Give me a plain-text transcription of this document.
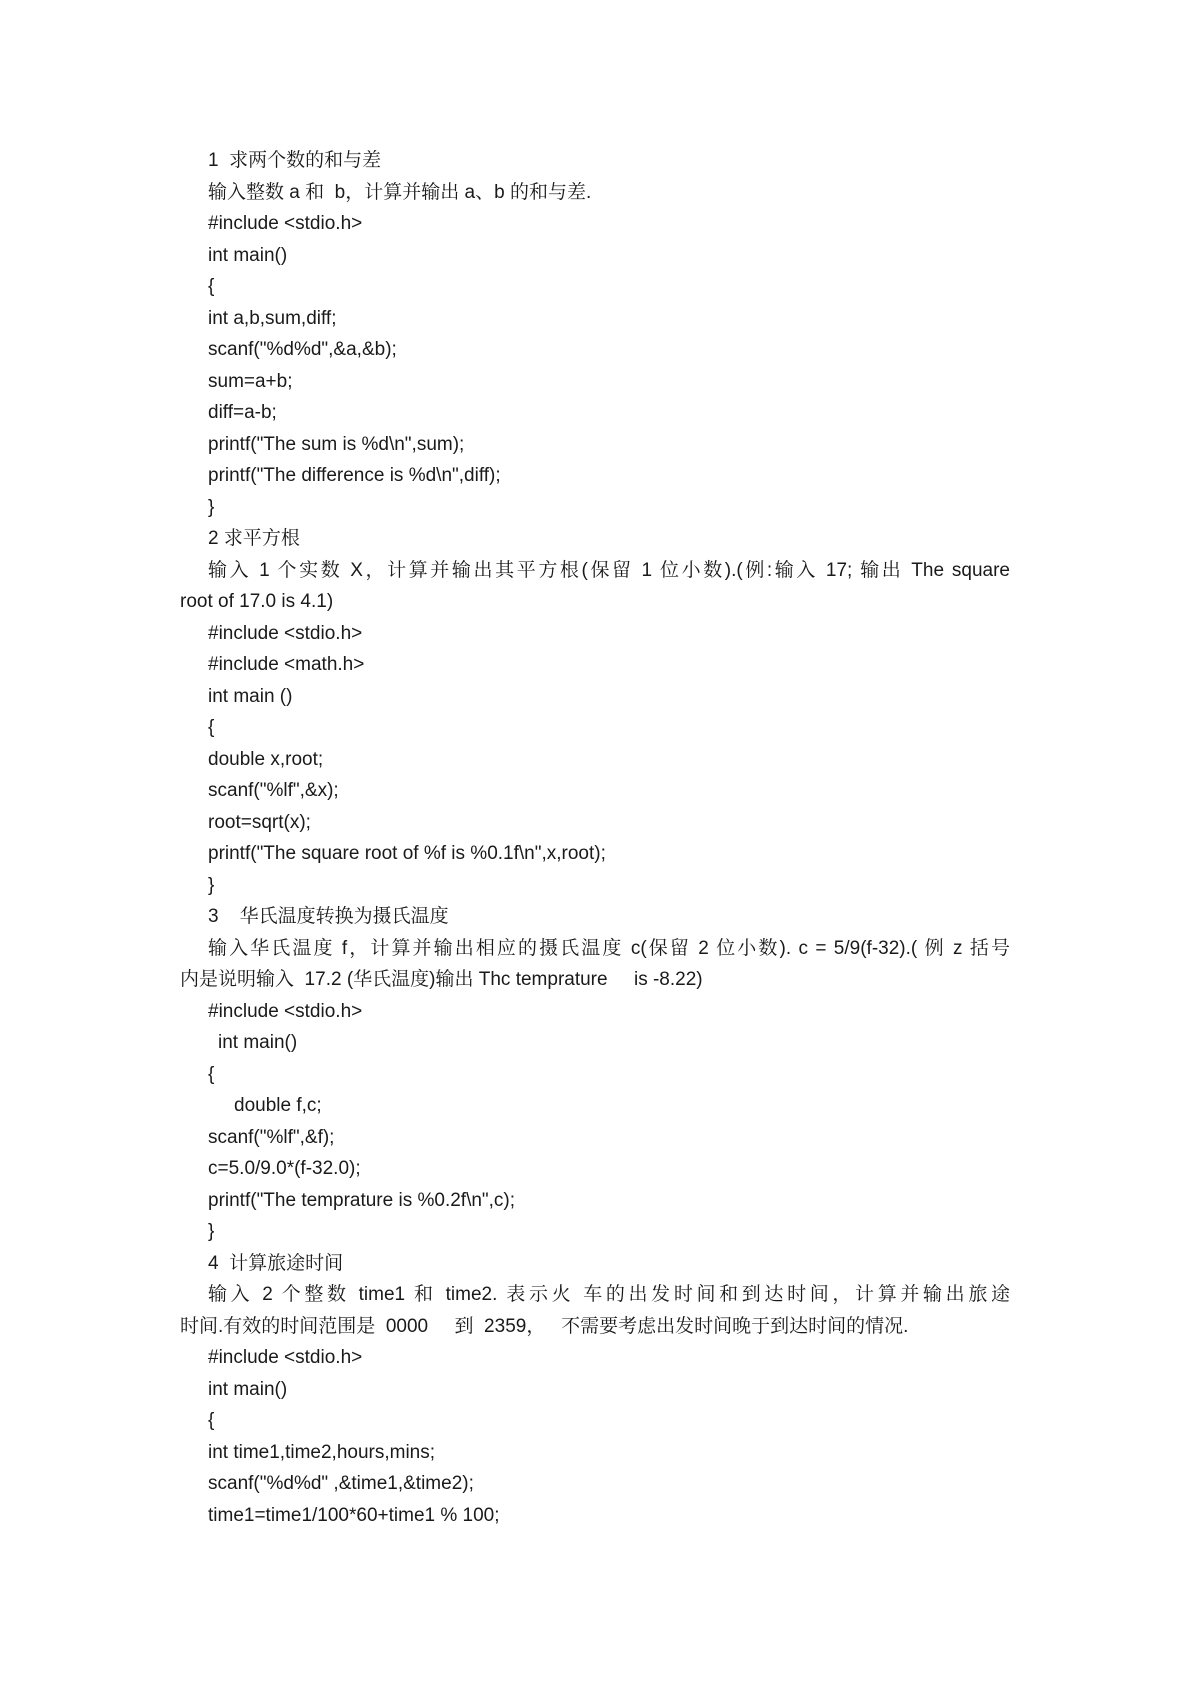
1  求两个数的和与差
输入整数 a 和  b，计算并输出 a、b 的和与差.
#include <stdio.h>
int main()
{
int a,b,sum,diff;
scanf("%d%d",&a,&b);
sum=a+b;
diff=a-b;
printf("The sum is %d\n",sum);
printf("The difference is %d\n",diff);
}
2 求平方根
输入 1 个实数 X，计算并输出其平方根(保留 1 位小数).(例:输入 17; 输出 The square
root of 17.0 is 4.1)
#include <stdio.h>
#include <math.h>
int main ()
{
double x,root;
scanf("%lf",&x);
root=sqrt(x);
printf("The square root of %f is %0.1f\n",x,root);
}
3    华氏温度转换为摄氏温度
输入华氏温度 f，计算并输出相应的摄氏温度 c(保留 2 位小数). c = 5/9(f-32).( 例 z 括号
内是说明输入  17.2 (华氏温度)输出 Thc temprature     is -8.22)
#include <stdio.h>
int main()
{
double f,c;
scanf("%lf",&f);
c=5.0/9.0*(f-32.0);
printf("The temprature is %0.2f\n",c);
}
4  计算旅途时间
输入 2 个整数 time1 和 time2. 表示火 车的出发时间和到达时间，计算并输出旅途
时间.有效的时间范围是  0000     到  2359，   不需要考虑出发时间晚于到达时间的情况.
#include <stdio.h>
int main()
{
int time1,time2,hours,mins;
scanf("%d%d" ,&time1,&time2);
time1=time1/100*60+time1 % 100;
